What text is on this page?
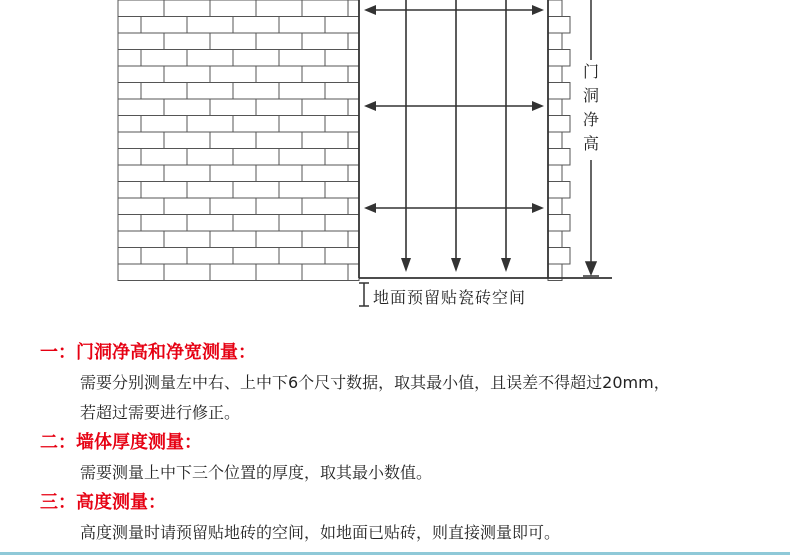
门
洞
净
高
地面预留贴瓷砖空间
一：门洞净高和净宽测量：
需要分别测量左中右、上中下6个尺寸数据，取其最小值，且误差不得超过20mm，
若超过需要进行修正。
二：墙体厚度测量：
需要测量上中下三个位置的厚度，取其最小数值。
三：高度测量：
高度测量时请预留贴地砖的空间，如地面已贴砖，则直接测量即可。
